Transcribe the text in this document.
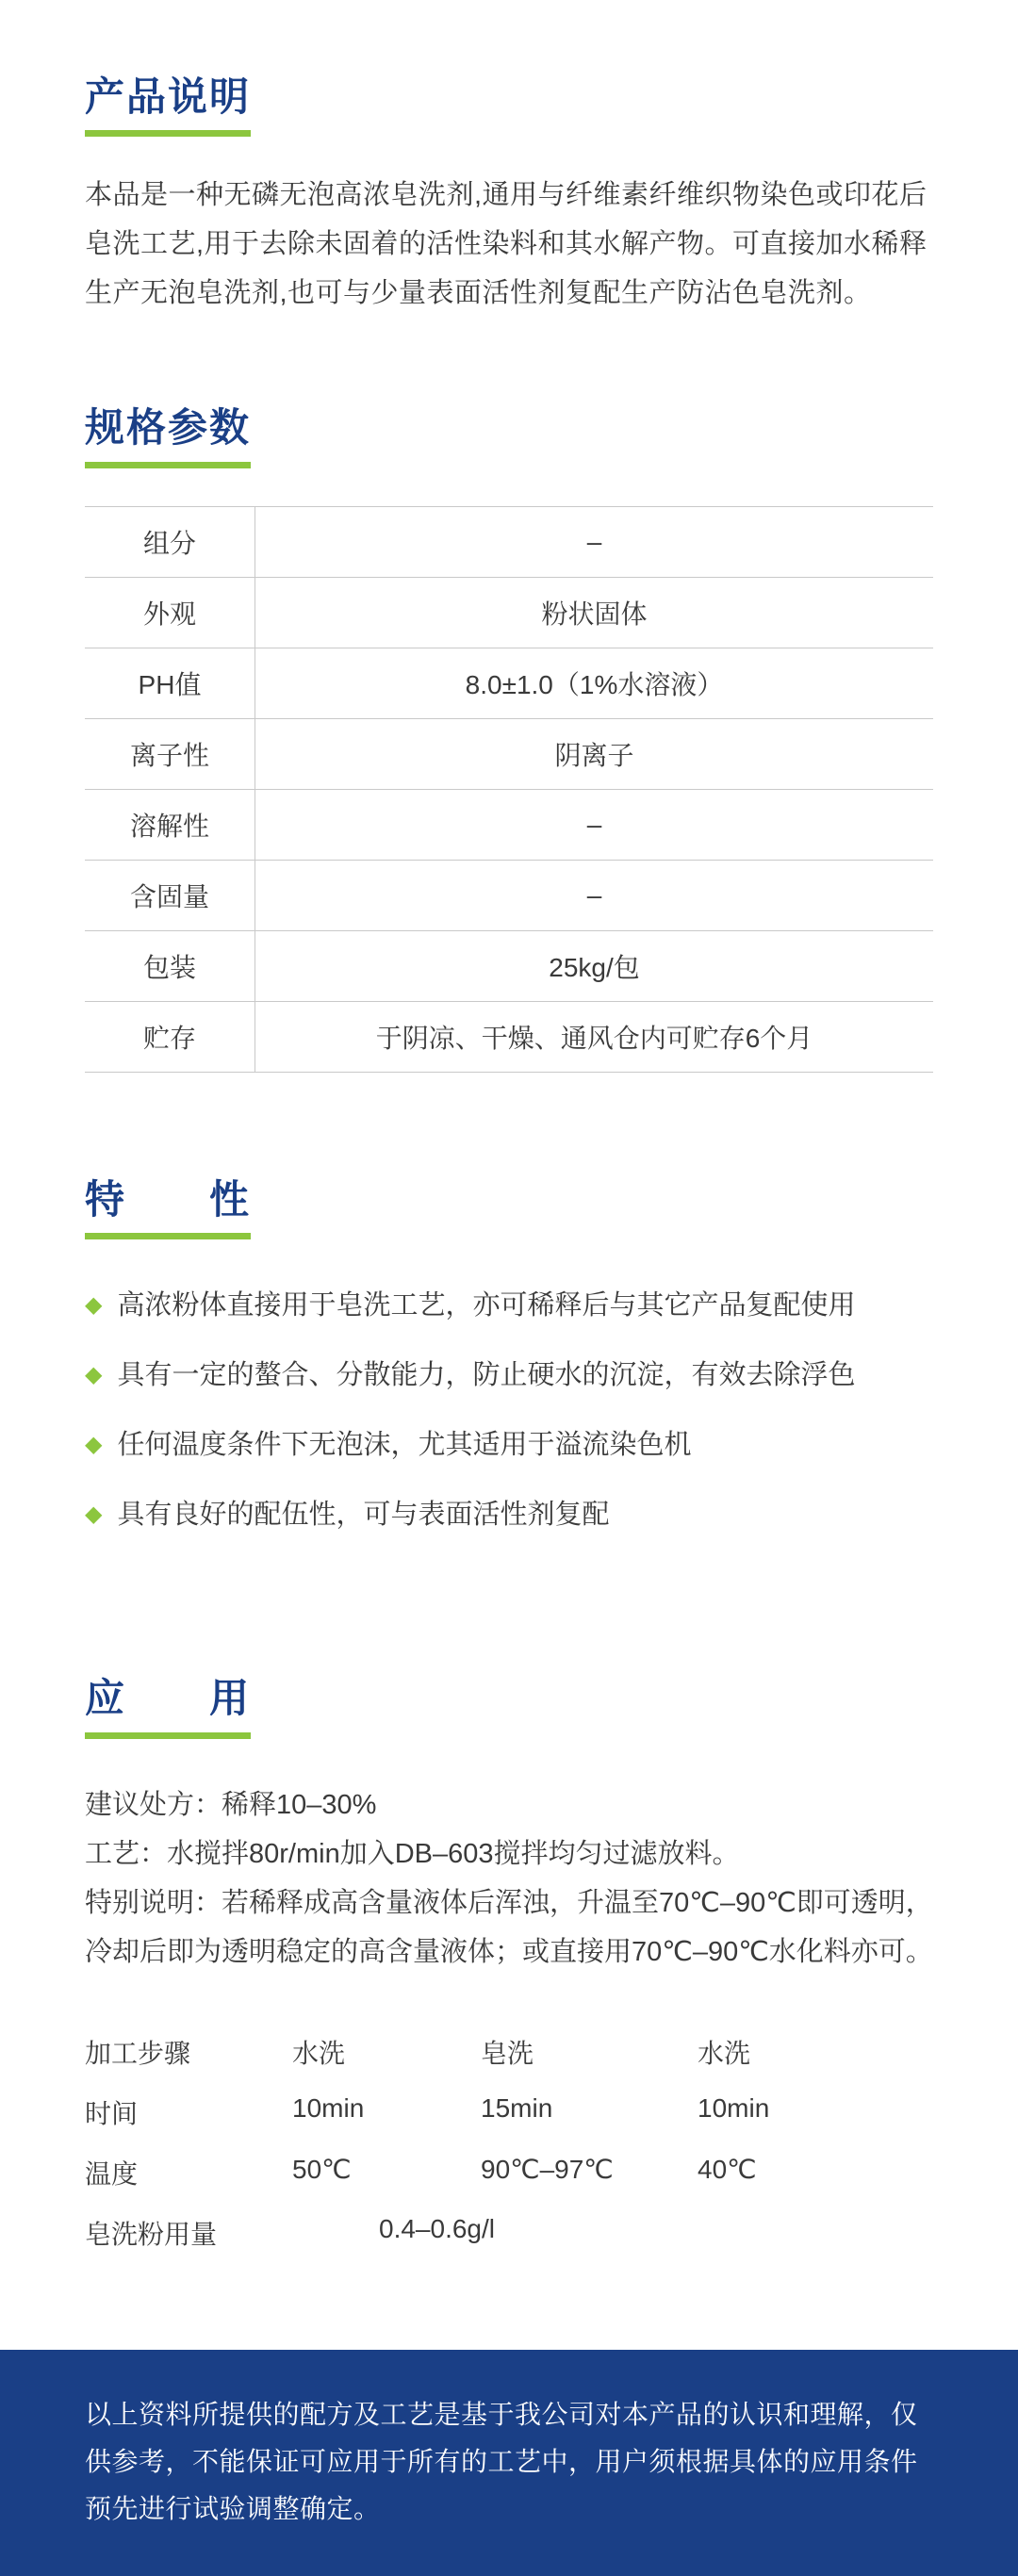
产品说明
本品是一种无磷无泡高浓皂洗剂,通用与纤维素纤维织物染色或印花后皂洗工艺,用于去除未固着的活性染料和其水解产物。可直接加水稀释生产无泡皂洗剂,也可与少量表面活性剂复配生产防沾色皂洗剂。
规格参数
组分	–
外观	粉状固体
PH值	8.0±1.0（1%水溶液）
离子性	阴离子
溶解性	–
含固量	–
包装	25kg/包
贮存	于阴凉、干燥、通风仓内可贮存6个月
特　　性
◆ 高浓粉体直接用于皂洗工艺，亦可稀释后与其它产品复配使用
◆ 具有一定的螯合、分散能力，防止硬水的沉淀，有效去除浮色
◆ 任何温度条件下无泡沫，尤其适用于溢流染色机
◆ 具有良好的配伍性，可与表面活性剂复配
应　　用
建议处方：稀释10–30%
工艺：水搅拌80r/min加入DB–603搅拌均匀过滤放料。
特别说明：若稀释成高含量液体后浑浊，升温至70℃–90℃即可透明，冷却后即为透明稳定的高含量液体；或直接用70℃–90℃水化料亦可。
加工步骤	水洗	皂洗	水洗
时间	10min	15min	10min
温度	50℃	90℃–97℃	40℃
皂洗粉用量	0.4–0.6g/l		
以上资料所提供的配方及工艺是基于我公司对本产品的认识和理解，仅供参考，不能保证可应用于所有的工艺中，用户须根据具体的应用条件预先进行试验调整确定。
